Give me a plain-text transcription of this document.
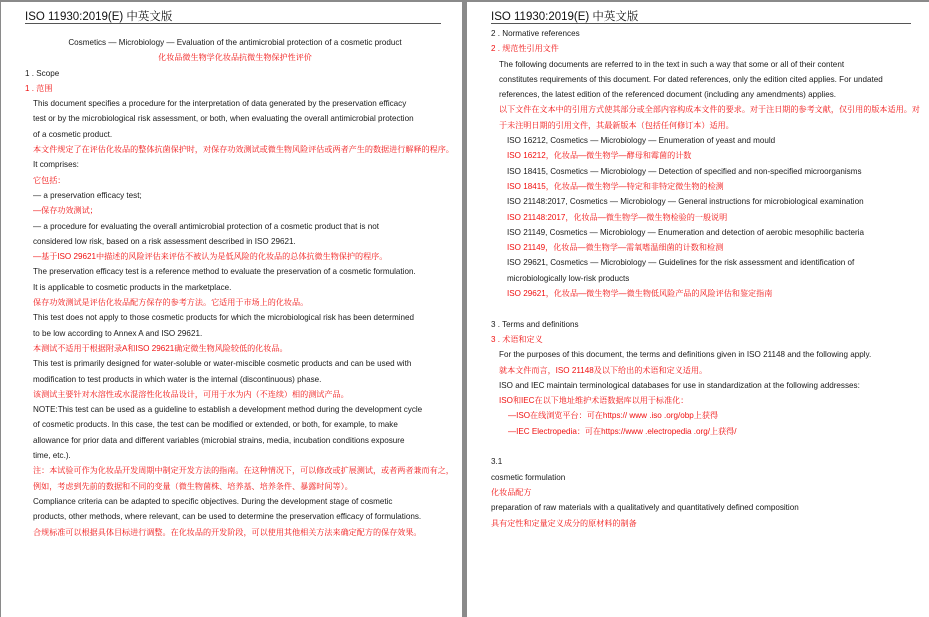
ISO 11930:2019(E) 中英文版
Cosmetics — Microbiology — Evaluation of the antimicrobial protection of a cosmetic product
化妆品微生物学化妆品抗微生物保护性评价
1 . Scope
1 . 范围
This document specifies a procedure for the interpretation of data generated by the preservation efficacy
test or by the microbiological risk assessment, or both, when evaluating the overall antimicrobial protection
of a cosmetic product.
本文件规定了在评估化妆品的整体抗菌保护时，对保存功效测试或微生物风险评估或两者产生的数据进行解释的程序。
It comprises:
它包括：
— a preservation efficacy test;
—保存功效测试；
— a procedure for evaluating the overall antimicrobial protection of a cosmetic product that is not
considered low risk, based on a risk assessment described in ISO 29621.
—基于ISO 29621中描述的风险评估来评估不被认为是低风险的化妆品的总体抗微生物保护的程序。
The preservation efficacy test is a reference method to evaluate the preservation of a cosmetic formulation.
It is applicable to cosmetic products in the marketplace.
保存功效测试是评估化妆品配方保存的参考方法。它适用于市场上的化妆品。
This test does not apply to those cosmetic products for which the microbiological risk has been determined
to be low according to Annex A and ISO 29621.
本测试不适用于根据附录A和ISO 29621确定微生物风险较低的化妆品。
This test is primarily designed for water-soluble or water-miscible cosmetic products and can be used with
modification to test products in which water is the internal (discontinuous) phase.
该测试主要针对水溶性或水混溶性化妆品设计，可用于水为内（不连续）相的测试产品。
NOTE:This test can be used as a guideline to establish a development method during the development cycle
of cosmetic products. In this case, the test can be modified or extended, or both, for example, to make
allowance for prior data and different variables (microbial strains, media, incubation conditions exposure
time, etc.).
注：本试验可作为化妆品开发周期中制定开发方法的指南。在这种情况下，可以修改或扩展测试，或者两者兼而有之，
例如，考虑到先前的数据和不同的变量（微生物菌株、培养基、培养条件、暴露时间等）。
Compliance criteria can be adapted to specific objectives. During the development stage of cosmetic
products, other methods, where relevant, can be used to determine the preservation efficacy of formulations.
合规标准可以根据具体目标进行调整。在化妆品的开发阶段，可以使用其他相关方法来确定配方的保存效果。
ISO 11930:2019(E) 中英文版
2 . Normative references
2 . 规范性引用文件
The following documents are referred to in the text in such a way that some or all of their content
constitutes requirements of this document. For dated references, only the edition cited applies. For undated
references, the latest edition of the referenced document (including any amendments) applies.
以下文件在文本中的引用方式使其部分或全部内容构成本文件的要求。对于注日期的参考文献，仅引用的版本适用。对
于未注明日期的引用文件，其最新版本（包括任何修订本）适用。
ISO 16212, Cosmetics — Microbiology — Enumeration of yeast and mould
ISO 16212，化妆品—微生物学—酵母和霉菌的计数
ISO 18415, Cosmetics — Microbiology — Detection of specified and non-specified microorganisms
ISO 18415，化妆品—微生物学—特定和非特定微生物的检测
ISO 21148:2017, Cosmetics — Microbiology — General instructions for microbiological examination
ISO 21148:2017，化妆品—微生物学—微生物检验的一般说明
ISO 21149, Cosmetics — Microbiology — Enumeration and detection of aerobic mesophilic bacteria
ISO 21149，化妆品—微生物学—需氧嗜温细菌的计数和检测
ISO 29621, Cosmetics — Microbiology — Guidelines for the risk assessment and identification of
microbiologically low-risk products
ISO 29621，化妆品—微生物学—微生物低风险产品的风险评估和鉴定指南
3 . Terms and definitions
3 . 术语和定义
For the purposes of this document, the terms and definitions given in ISO 21148 and the following apply.
就本文件而言，ISO 21148及以下给出的术语和定义适用。
ISO and IEC maintain terminological databases for use in standardization at the following addresses:
ISO和IEC在以下地址维护术语数据库以用于标准化：
—ISO在线浏览平台：可在https:// www .iso .org/obp上获得
—IEC Electropedia：可在https://www .electropedia .org/上获得/
3.1
cosmetic formulation
化妆品配方
preparation of raw materials with a qualitatively and quantitatively defined composition
具有定性和定量定义成分的原材料的制备
